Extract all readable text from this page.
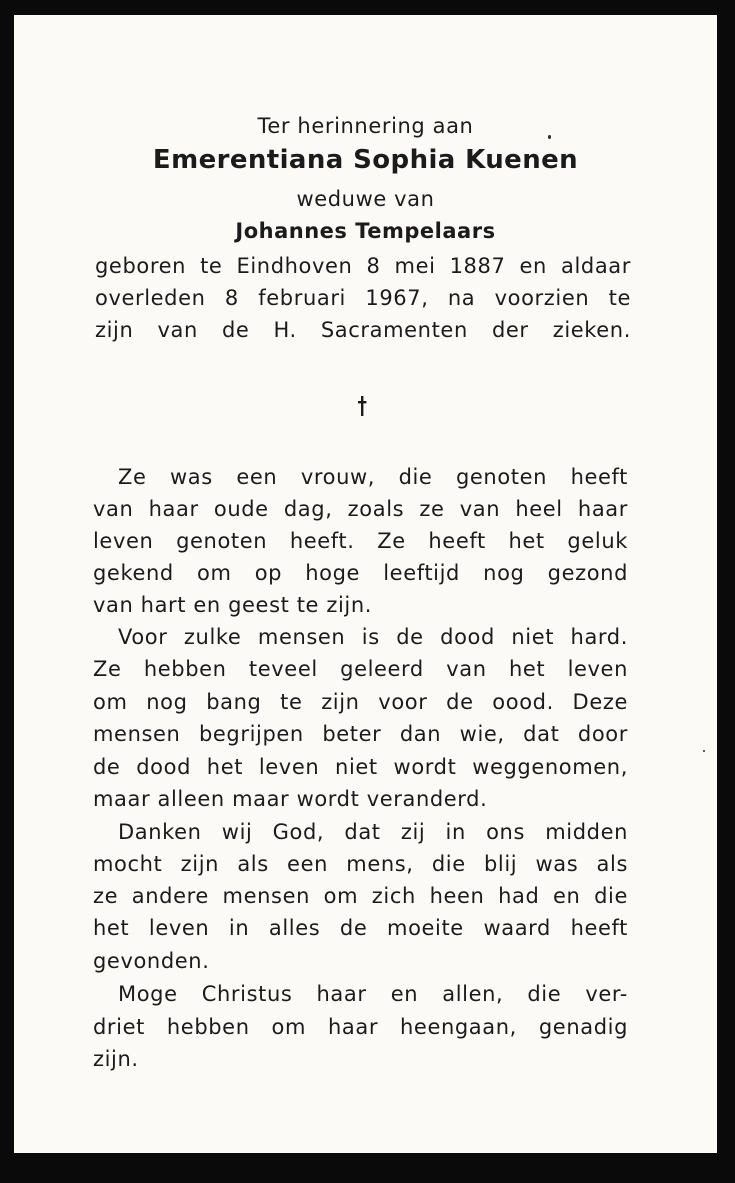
Ter herinnering aan
Emerentiana Sophia Kuenen
weduwe van
Johannes Tempelaars
geboren te Eindhoven 8 mei 1887 en aldaar
overleden 8 februari 1967, na voorzien te
zijn van de H. Sacramenten der zieken.
Ze was een vrouw, die genoten heeft
van haar oude dag, zoals ze van heel haar
leven genoten heeft. Ze heeft het geluk
gekend om op hoge leeftijd nog gezond
van hart en geest te zijn.
Voor zulke mensen is de dood niet hard.
Ze hebben teveel geleerd van het leven
om nog bang te zijn voor de oood. Deze
mensen begrijpen beter dan wie, dat door
de dood het leven niet wordt weggenomen,
maar alleen maar wordt veranderd.
Danken wij God, dat zij in ons midden
mocht zijn als een mens, die blij was als
ze andere mensen om zich heen had en die
het leven in alles de moeite waard heeft
gevonden.
Moge Christus haar en allen, die ver-
driet hebben om haar heengaan, genadig
zijn.
